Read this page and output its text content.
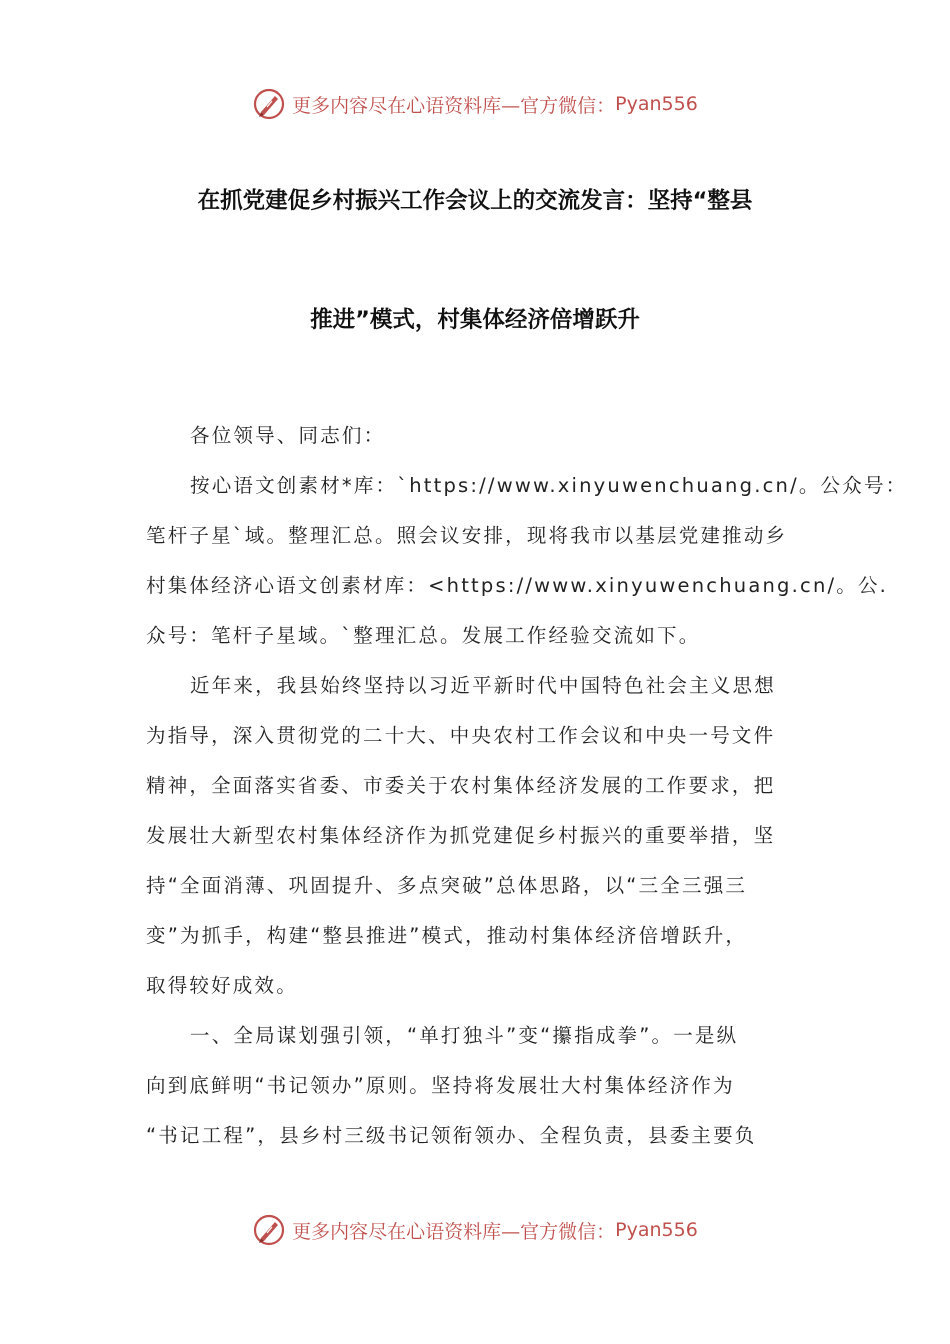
更多内容尽在心语资料库—官方微信： Pyan556
在抓党建促乡村振兴工作会议上的交流发言：坚持“整县
推进”模式，村集体经济倍增跃升
各位领导、同志们：
按心语文创素材*库：`https://www.xinyuwenchuang.cn/。公众号：
笔杆子星`域。整理汇总。照会议安排，现将我市以基层党建推动乡
村集体经济心语文创素材库：<https://www.xinyuwenchuang.cn/。公.
众号：笔杆子星域。`整理汇总。发展工作经验交流如下。
近年来，我县始终坚持以习近平新时代中国特色社会主义思想
为指导，深入贯彻党的二十大、中央农村工作会议和中央一号文件
精神，全面落实省委、市委关于农村集体经济发展的工作要求，把
发展壮大新型农村集体经济作为抓党建促乡村振兴的重要举措，坚
持“全面消薄、巩固提升、多点突破”总体思路，以“三全三强三
变”为抓手，构建“整县推进”模式，推动村集体经济倍增跃升，
取得较好成效。
一、全局谋划强引领，“单打独斗”变“攥指成拳”。一是纵
向到底鲜明“书记领办”原则。坚持将发展壮大村集体经济作为
“书记工程”，县乡村三级书记领衔领办、全程负责，县委主要负
更多内容尽在心语资料库—官方微信： Pyan556
